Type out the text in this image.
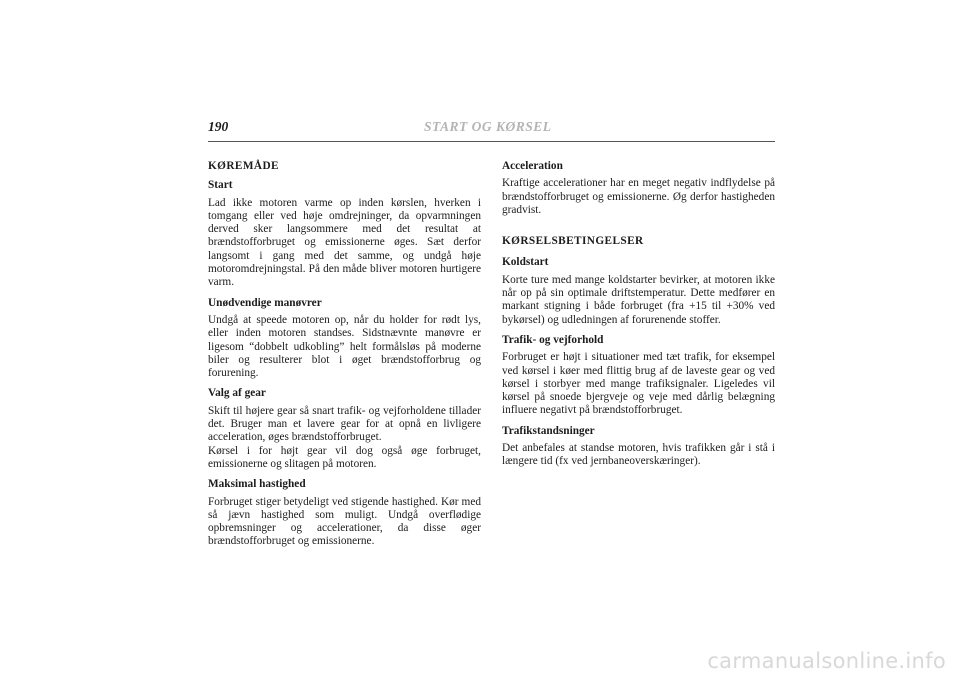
190	START OG KØRSEL
KØREMÅDE
Start

Lad ikke motoren varme op inden kørslen, hverken i tomgang eller ved høje omdrejninger, da opvarmningen derved sker langsommere med det resultat at brændstofforbruget og emissionerne øges. Sæt derfor langsomt i gang med det samme, og undgå høje motoromdrejningstal. På den måde bliver motoren hurtigere varm.

Unødvendige manøvrer

Undgå at speede motoren op, når du holder for rødt lys, eller inden motoren standses. Sidstnævnte manøvre er ligesom “dobbelt udkobling” helt formålsløs på moderne biler og resulterer blot i øget brændstofforbrug og forurening.

Valg af gear

Skift til højere gear så snart trafik- og vejforholdene tillader det. Bruger man et lavere gear for at opnå en livligere acceleration, øges brændstofforbruget.

Kørsel i for højt gear vil dog også øge forbruget, emissionerne og slitagen på motoren.

Maksimal hastighed

Forbruget stiger betydeligt ved stigende hastighed. Kør med så jævn hastighed som muligt. Undgå overflødige opbremsninger og accelerationer, da disse øger brændstofforbruget og emissionerne.

Acceleration

Kraftige accelerationer har en meget negativ indflydelse på brændstofforbruget og emissionerne. Øg derfor hastigheden gradvist.

KØRSELSBETINGELSER
Koldstart

Korte ture med mange koldstarter bevirker, at motoren ikke når op på sin optimale driftstemperatur. Dette medfører en markant stigning i både forbruget (fra +15 til +30% ved bykørsel) og udledningen af forurenende stoffer.

Trafik- og vejforhold

Forbruget er højt i situationer med tæt trafik, for eksempel ved kørsel i køer med flittig brug af de laveste gear og ved kørsel i storbyer med mange trafiksignaler. Ligeledes vil kørsel på snoede bjergveje og veje med dårlig belægning influere negativt på brændstofforbruget.

Trafikstandsninger

Det anbefales at standse motoren, hvis trafikken går i stå i længere tid (fx ved jernbaneoverskæringer).

carmanualsonline.info
